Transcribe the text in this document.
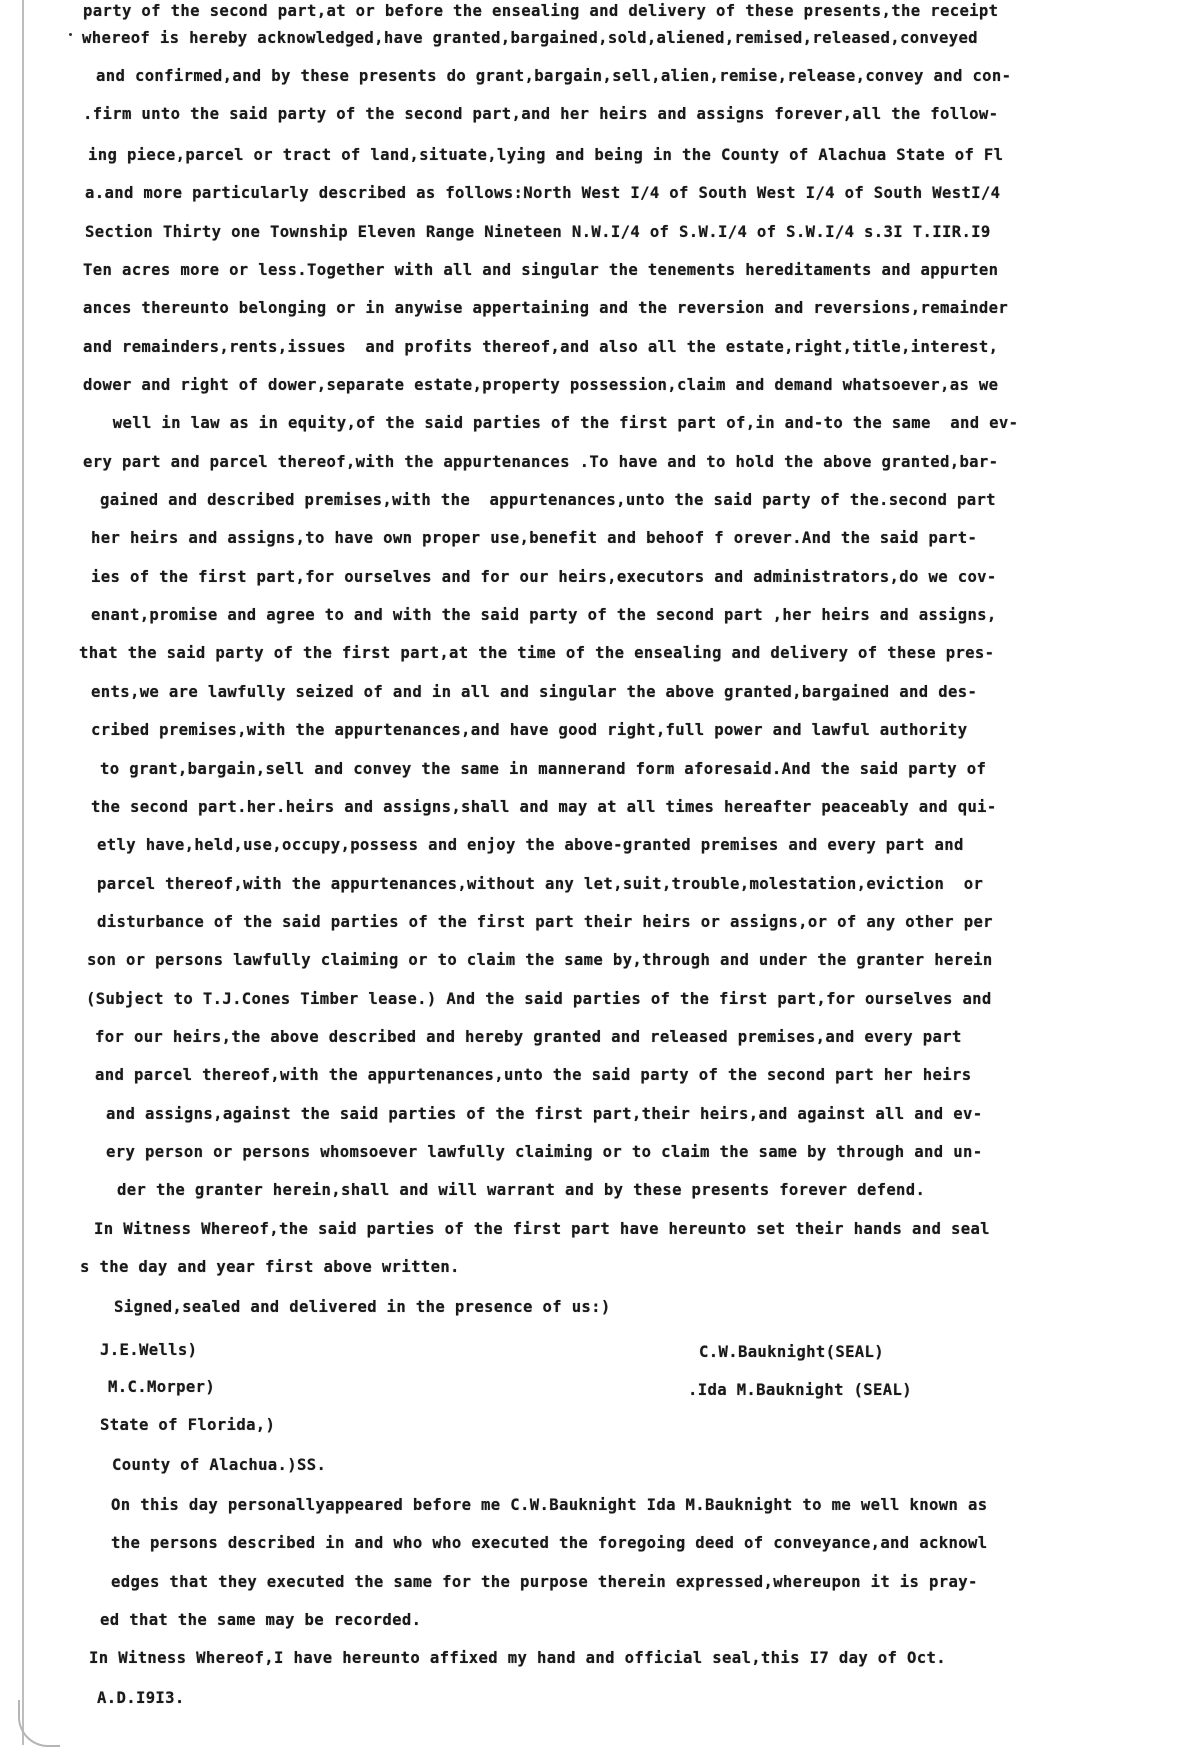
party of the second part,at or before the ensealing and delivery of these presents,the receipt
whereof is hereby acknowledged,have granted,bargained,sold,aliened,remised,released,conveyed
and confirmed,and by these presents do grant,bargain,sell,alien,remise,release,convey and con-
.firm unto the said party of the second part,and her heirs and assigns forever,all the follow-
ing piece,parcel or tract of land,situate,lying and being in the County of Alachua State of Fl
a.and more particularly described as follows:North West I/4 of South West I/4 of South WestI/4
Section Thirty one Township Eleven Range Nineteen N.W.I/4 of S.W.I/4 of S.W.I/4 s.3I T.IIR.I9
Ten acres more or less.Together with all and singular the tenements hereditaments and appurten
ances thereunto belonging or in anywise appertaining and the reversion and reversions,remainder
and remainders,rents,issues  and profits thereof,and also all the estate,right,title,interest,
dower and right of dower,separate estate,property possession,claim and demand whatsoever,as we
well in law as in equity,of the said parties of the first part of,in and-to the same  and ev-
ery part and parcel thereof,with the appurtenances .To have and to hold the above granted,bar-
gained and described premises,with the  appurtenances,unto the said party of the.second part
her heirs and assigns,to have own proper use,benefit and behoof f orever.And the said part-
ies of the first part,for ourselves and for our heirs,executors and administrators,do we cov-
enant,promise and agree to and with the said party of the second part ,her heirs and assigns,
that the said party of the first part,at the time of the ensealing and delivery of these pres-
ents,we are lawfully seized of and in all and singular the above granted,bargained and des-
cribed premises,with the appurtenances,and have good right,full power and lawful authority
to grant,bargain,sell and convey the same in mannerand form aforesaid.And the said party of
the second part.her.heirs and assigns,shall and may at all times hereafter peaceably and qui-
etly have,held,use,occupy,possess and enjoy the above-granted premises and every part and
parcel thereof,with the appurtenances,without any let,suit,trouble,molestation,eviction  or
disturbance of the said parties of the first part their heirs or assigns,or of any other per
son or persons lawfully claiming or to claim the same by,through and under the granter herein
(Subject to T.J.Cones Timber lease.) And the said parties of the first part,for ourselves and
for our heirs,the above described and hereby granted and released premises,and every part
and parcel thereof,with the appurtenances,unto the said party of the second part her heirs
and assigns,against the said parties of the first part,their heirs,and against all and ev-
ery person or persons whomsoever lawfully claiming or to claim the same by through and un-
der the granter herein,shall and will warrant and by these presents forever defend.
In Witness Whereof,the said parties of the first part have hereunto set their hands and seal
s the day and year first above written.
Signed,sealed and delivered in the presence of us:)
J.E.Wells)	C.W.Bauknight(SEAL)
M.C.Morper)	.Ida M.Bauknight (SEAL)
State of Florida,)
County of Alachua.)SS.
On this day personallyappeared before me C.W.Bauknight Ida M.Bauknight to me well known as
the persons described in and who who executed the foregoing deed of conveyance,and acknowl
edges that they executed the same for the purpose therein expressed,whereupon it is pray-
ed that the same may be recorded.
In Witness Whereof,I have hereunto affixed my hand and official seal,this I7 day of Oct.
A.D.I9I3.
